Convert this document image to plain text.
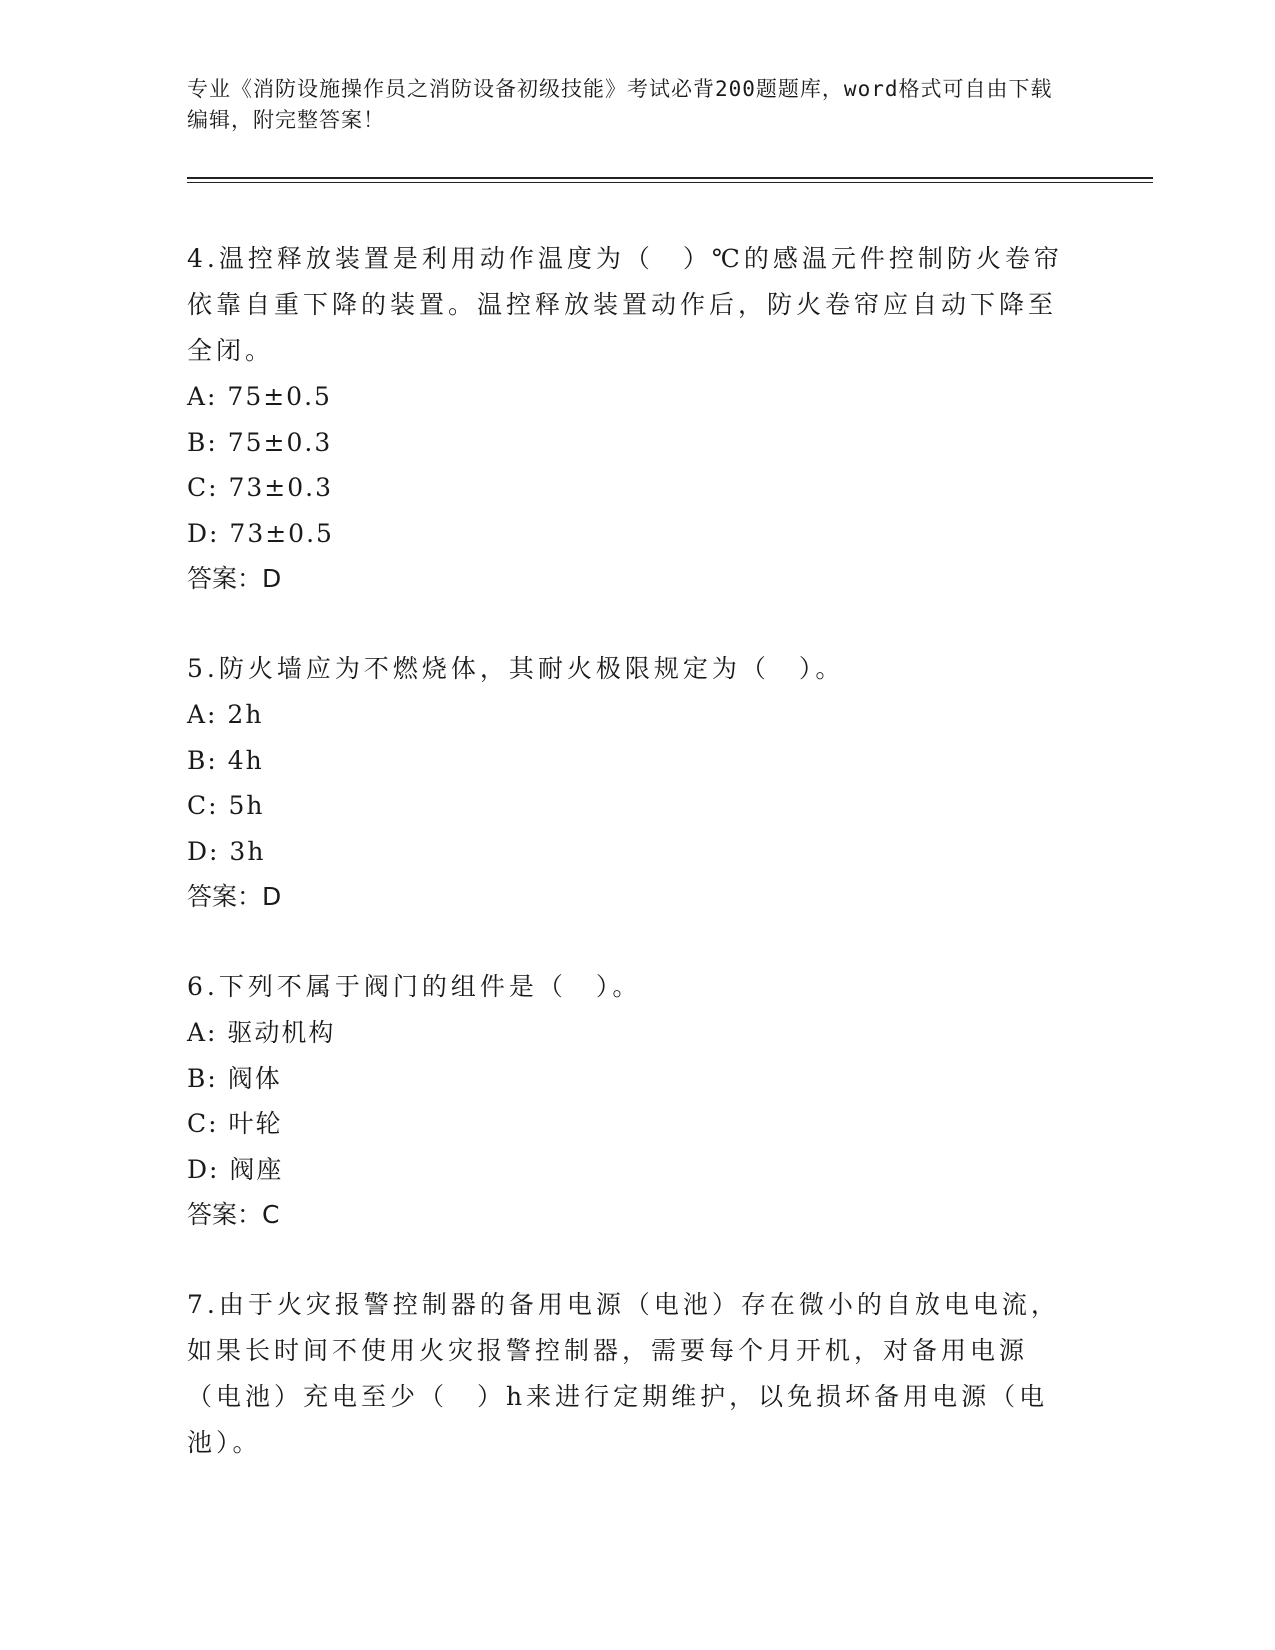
专业《消防设施操作员之消防设备初级技能》考试必背200题题库，word格式可自由下载编辑，附完整答案！

4.温控释放装置是利用动作温度为（　）℃的感温元件控制防火卷帘依靠自重下降的装置。温控释放装置动作后，防火卷帘应自动下降至全闭。

A: 75±0.5

B: 75±0.3

C: 73±0.3

D: 73±0.5

答案：D

5.防火墙应为不燃烧体，其耐火极限规定为（　）。

A: 2h

B: 4h

C: 5h

D: 3h

答案：D

6.下列不属于阀门的组件是（　）。

A: 驱动机构

B: 阀体

C: 叶轮

D: 阀座

答案：C

7.由于火灾报警控制器的备用电源（电池）存在微小的自放电电流，如果长时间不使用火灾报警控制器，需要每个月开机，对备用电源（电池）充电至少（　）h来进行定期维护，以免损坏备用电源（电池）。
